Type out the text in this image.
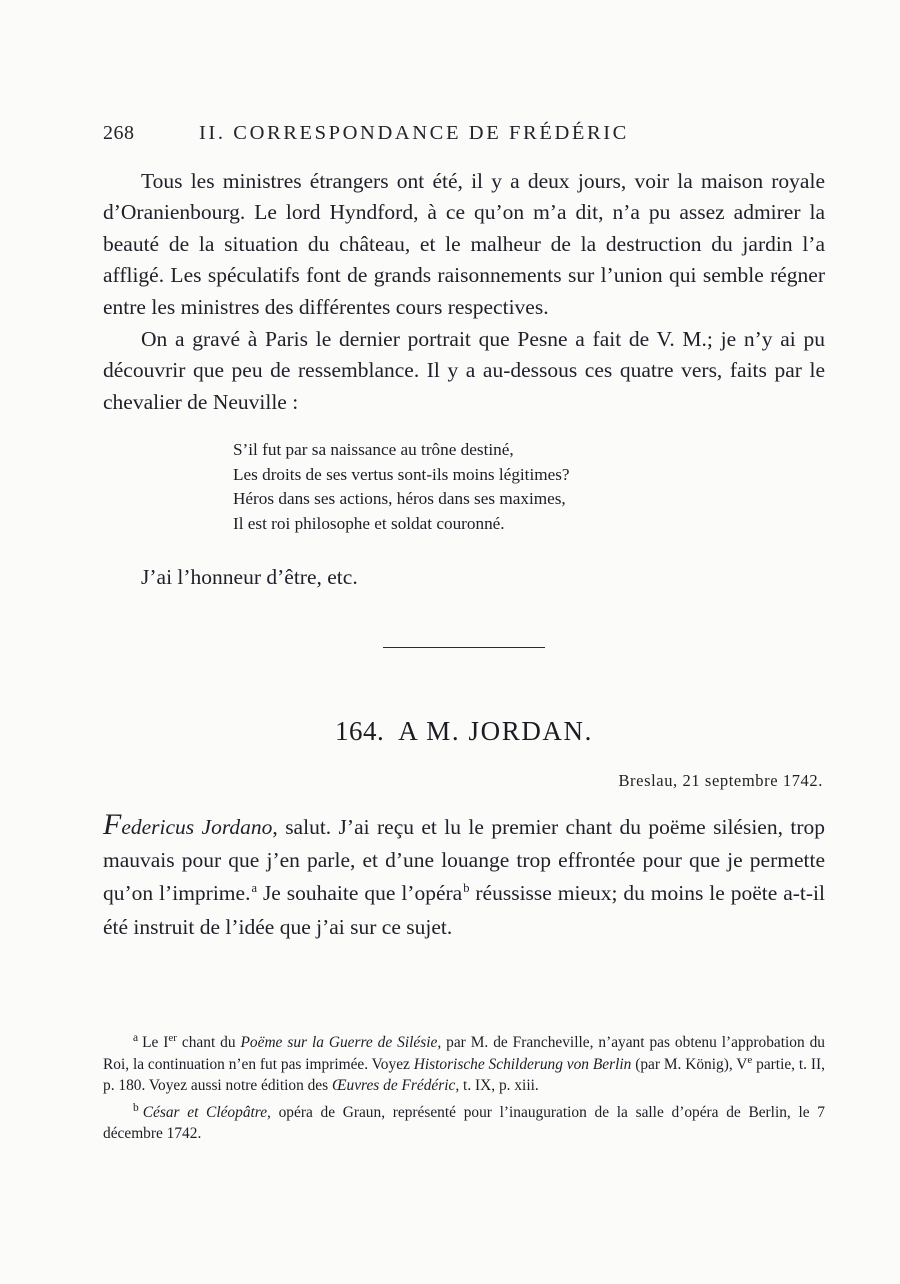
268	II. CORRESPONDANCE DE FRÉDÉRIC

Tous les ministres étrangers ont été, il y a deux jours, voir la maison royale d’Oranienbourg. Le lord Hyndford, à ce qu’on m’a dit, n’a pu assez admirer la beauté de la situation du château, et le malheur de la destruction du jardin l’a affligé. Les spéculatifs font de grands raisonnements sur l’union qui semble régner entre les ministres des différentes cours respectives.

On a gravé à Paris le dernier portrait que Pesne a fait de V. M.; je n’y ai pu découvrir que peu de ressemblance. Il y a au-dessous ces quatre vers, faits par le chevalier de Neuville :

S’il fut par sa naissance au trône destiné,
Les droits de ses vertus sont-ils moins légitimes?
Héros dans ses actions, héros dans ses maximes,
Il est roi philosophe et soldat couronné.

J’ai l’honneur d’être, etc.

164. A M. JORDAN.
Breslau, 21 septembre 1742.

Federicus Jordano, salut. J’ai reçu et lu le premier chant du poëme silésien, trop mauvais pour que j’en parle, et d’une louange trop effrontée pour que je permette qu’on l’imprime.$^a$ Je souhaite que l’opéra$^b$ réussisse mieux; du moins le poëte a-t-il été instruit de l’idée que j’ai sur ce sujet.

$^a$ Le Ier chant du Poëme sur la Guerre de Silésie, par M. de Francheville, n’ayant pas obtenu l’approbation du Roi, la continuation n’en fut pas imprimée. Voyez Historische Schilderung von Berlin (par M. König), Ve partie, t. II, p. 180. Voyez aussi notre édition des Œuvres de Frédéric, t. IX, p. xiii.

$^b$ César et Cléopâtre, opéra de Graun, représenté pour l’inauguration de la salle d’opéra de Berlin, le 7 décembre 1742.
